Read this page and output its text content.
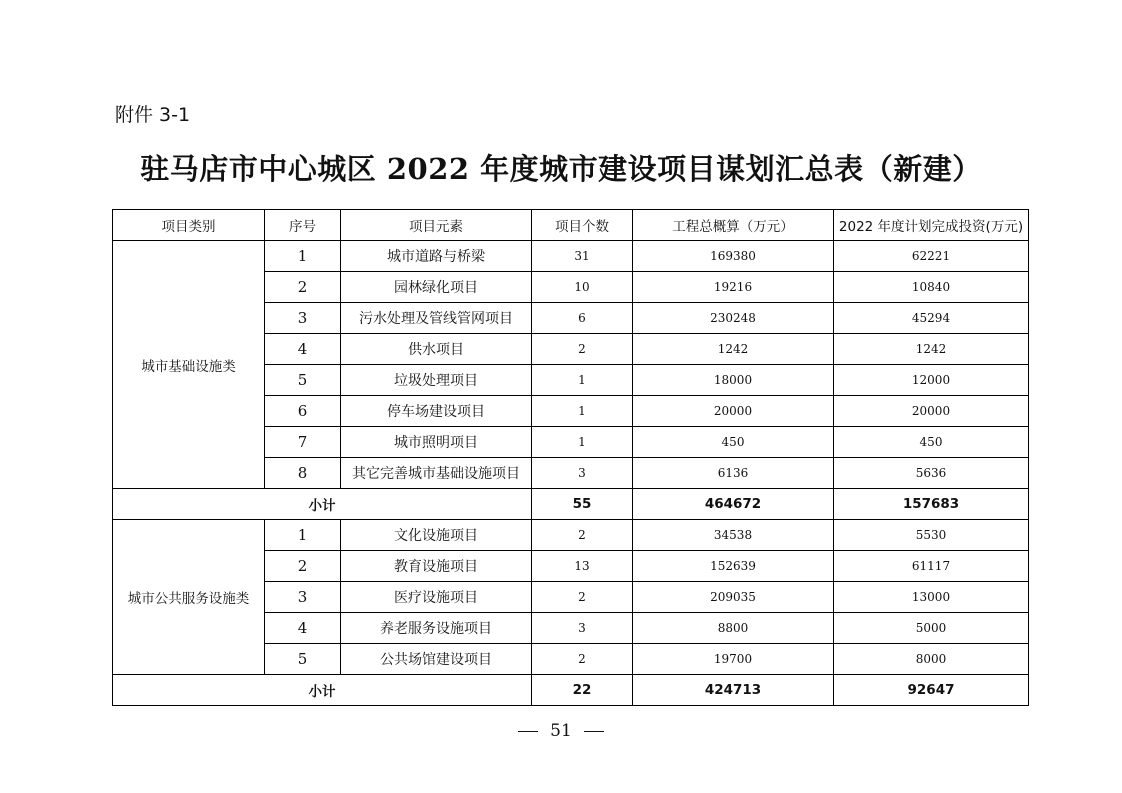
附件 3-1
驻马店市中心城区 2022 年度城市建设项目谋划汇总表（新建）
项目类别	序号	项目元素	项目个数	工程总概算（万元）	2022 年度计划完成投资(万元)
城市基础设施类	1	城市道路与桥梁	31	169380	62221
	2	园林绿化项目	10	19216	10840
	3	污水处理及管线管网项目	6	230248	45294
	4	供水项目	2	1242	1242
	5	垃圾处理项目	1	18000	12000
	6	停车场建设项目	1	20000	20000
	7	城市照明项目	1	450	450
	8	其它完善城市基础设施项目	3	6136	5636
小计			55	464672	157683
城市公共服务设施类	1	文化设施项目	2	34538	5530
	2	教育设施项目	13	152639	61117
	3	医疗设施项目	2	209035	13000
	4	养老服务设施项目	3	8800	5000
	5	公共场馆建设项目	2	19700	8000
小计			22	424713	92647
51
